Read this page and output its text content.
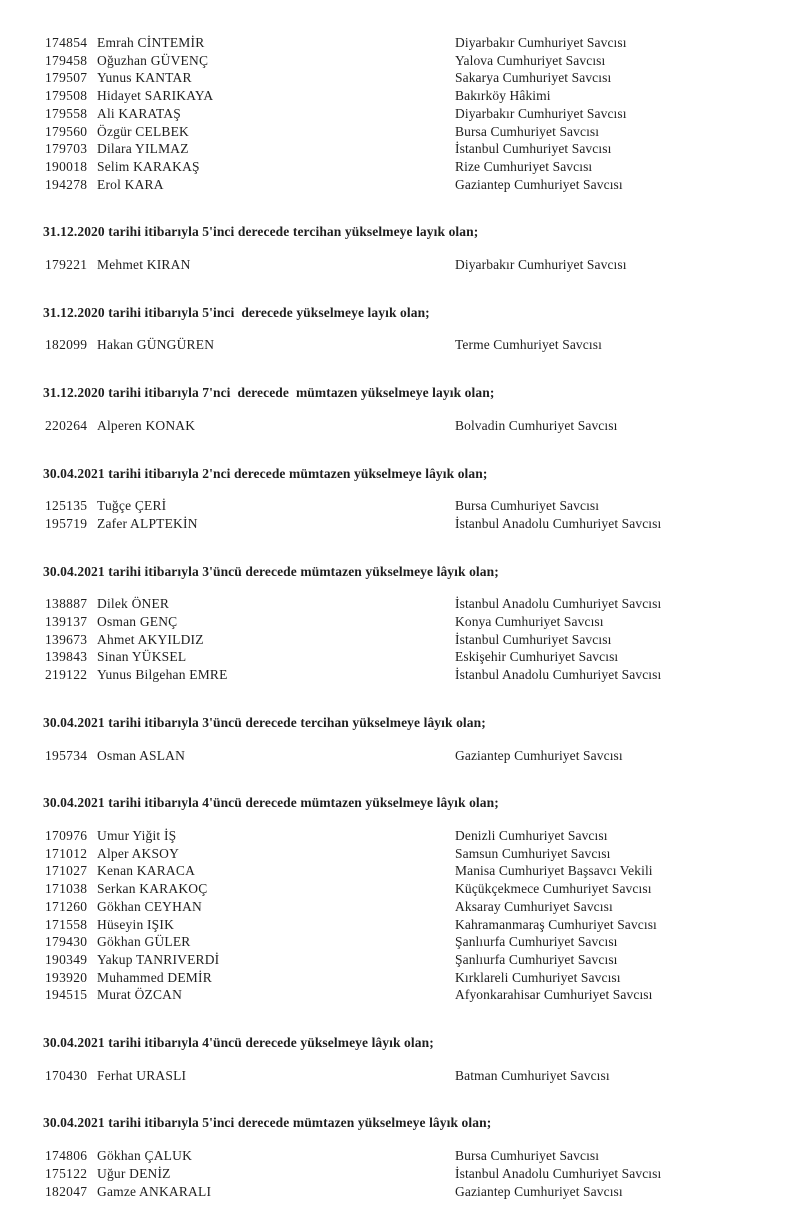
174854 Emrah CİNTEMİR	Diyarbakır Cumhuriyet Savcısı
179458 Oğuzhan GÜVENÇ	Yalova Cumhuriyet Savcısı
179507 Yunus KANTAR	Sakarya Cumhuriyet Savcısı
179508 Hidayet SARIKAYA	Bakırköy Hâkimi
179558 Ali KARATAŞ	Diyarbakır Cumhuriyet Savcısı
179560 Özgür CELBEK	Bursa Cumhuriyet Savcısı
179703 Dilara YILMAZ	İstanbul Cumhuriyet Savcısı
190018 Selim KARAKAŞ	Rize Cumhuriyet Savcısı
194278 Erol KARA	Gaziantep Cumhuriyet Savcısı

31.12.2020 tarihi itibarıyla 5'inci derecede tercihan yükselmeye layık olan;

179221 Mehmet KIRAN	Diyarbakır Cumhuriyet Savcısı

31.12.2020 tarihi itibarıyla 5'inci  derecede yükselmeye layık olan;

182099 Hakan GÜNGÜREN	Terme Cumhuriyet Savcısı

31.12.2020 tarihi itibarıyla 7'nci  derecede  mümtazen yükselmeye layık olan;

220264 Alperen KONAK	Bolvadin Cumhuriyet Savcısı

30.04.2021 tarihi itibarıyla 2'nci derecede mümtazen yükselmeye lâyık olan;

125135 Tuğçe ÇERİ	Bursa Cumhuriyet Savcısı
195719 Zafer ALPTEKİN	İstanbul Anadolu Cumhuriyet Savcısı

30.04.2021 tarihi itibarıyla 3'üncü derecede mümtazen yükselmeye lâyık olan;

138887 Dilek ÖNER	İstanbul Anadolu Cumhuriyet Savcısı
139137 Osman GENÇ	Konya Cumhuriyet Savcısı
139673 Ahmet AKYILDIZ	İstanbul Cumhuriyet Savcısı
139843 Sinan YÜKSEL	Eskişehir Cumhuriyet Savcısı
219122 Yunus Bilgehan EMRE	İstanbul Anadolu Cumhuriyet Savcısı

30.04.2021 tarihi itibarıyla 3'üncü derecede tercihan yükselmeye lâyık olan;

195734 Osman ASLAN	Gaziantep Cumhuriyet Savcısı

30.04.2021 tarihi itibarıyla 4'üncü derecede mümtazen yükselmeye lâyık olan;

170976 Umur Yiğit İŞ	Denizli Cumhuriyet Savcısı
171012 Alper AKSOY	Samsun Cumhuriyet Savcısı
171027 Kenan KARACA	Manisa Cumhuriyet Başsavcı Vekili
171038 Serkan KARAKOÇ	Küçükçekmece Cumhuriyet Savcısı
171260 Gökhan CEYHAN	Aksaray Cumhuriyet Savcısı
171558 Hüseyin IŞIK	Kahramanmaraş Cumhuriyet Savcısı
179430 Gökhan GÜLER	Şanlıurfa Cumhuriyet Savcısı
190349 Yakup TANRIVERDİ	Şanlıurfa Cumhuriyet Savcısı
193920 Muhammed DEMİR	Kırklareli Cumhuriyet Savcısı
194515 Murat ÖZCAN	Afyonkarahisar Cumhuriyet Savcısı

30.04.2021 tarihi itibarıyla 4'üncü derecede yükselmeye lâyık olan;

170430 Ferhat URASLI	Batman Cumhuriyet Savcısı

30.04.2021 tarihi itibarıyla 5'inci derecede mümtazen yükselmeye lâyık olan;

174806 Gökhan ÇALUK	Bursa Cumhuriyet Savcısı
175122 Uğur DENİZ	İstanbul Anadolu Cumhuriyet Savcısı
182047 Gamze ANKARALI	Gaziantep Cumhuriyet Savcısı
